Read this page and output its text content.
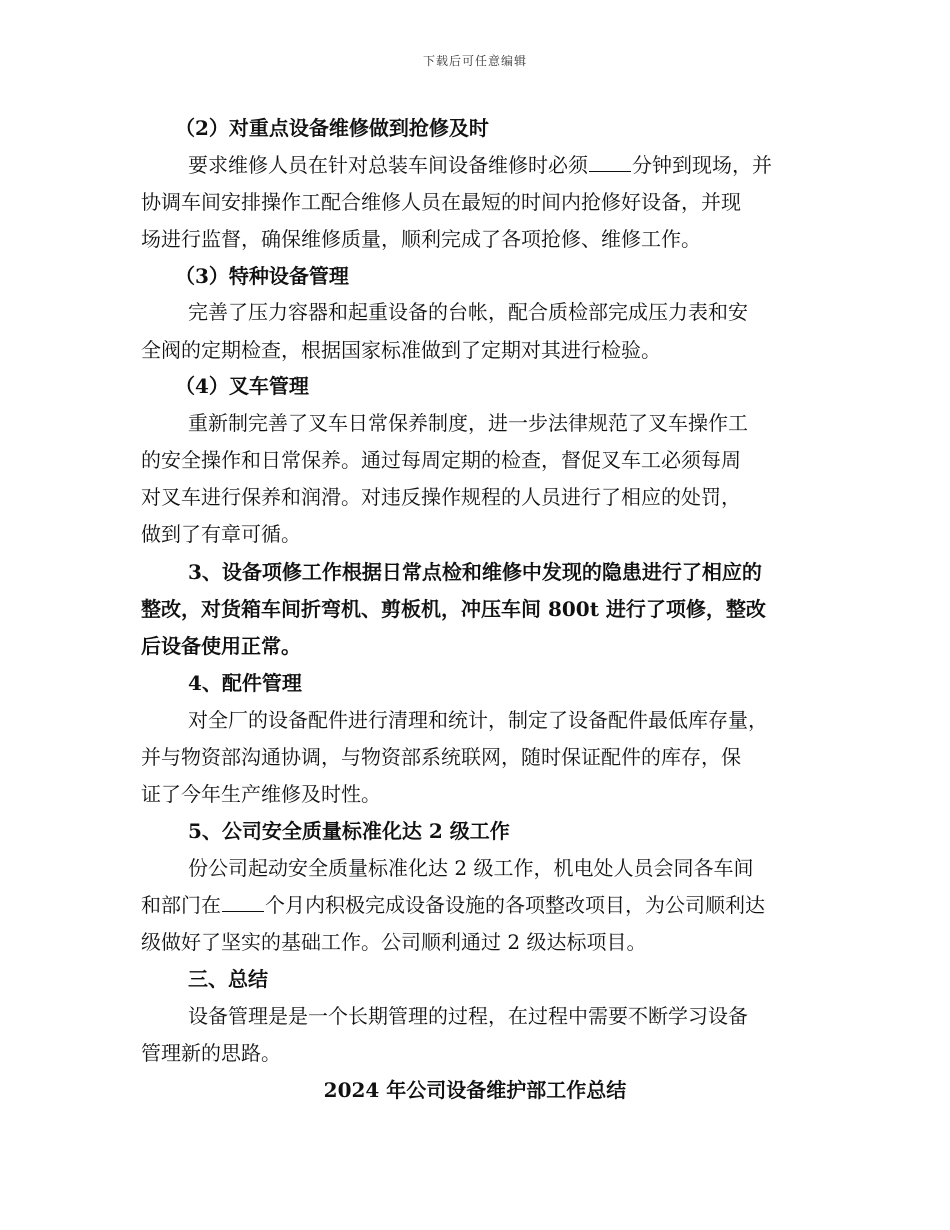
下载后可任意编辑
（2）对重点设备维修做到抢修及时
要求维修人员在针对总装车间设备维修时必须 分钟到现场，并
协调车间安排操作工配合维修人员在最短的时间内抢修好设备，并现
场进行监督，确保维修质量，顺利完成了各项抢修、维修工作。
（3）特种设备管理
完善了压力容器和起重设备的台帐，配合质检部完成压力表和安
全阀的定期检查，根据国家标准做到了定期对其进行检验。
（4）叉车管理
重新制完善了叉车日常保养制度，进一步法律规范了叉车操作工
的安全操作和日常保养。通过每周定期的检查，督促叉车工必须每周
对叉车进行保养和润滑。对违反操作规程的人员进行了相应的处罚，
做到了有章可循。
3、设备项修工作根据日常点检和维修中发现的隐患进行了相应的
整改，对货箱车间折弯机、剪板机，冲压车间 800t 进行了项修，整改
后设备使用正常。
4、配件管理
对全厂的设备配件进行清理和统计，制定了设备配件最低库存量，
并与物资部沟通协调，与物资部系统联网，随时保证配件的库存，保
证了今年生产维修及时性。
5、公司安全质量标准化达 2 级工作
份公司起动安全质量标准化达 2 级工作，机电处人员会同各车间
和部门在 个月内积极完成设备设施的各项整改项目，为公司顺利达
级做好了坚实的基础工作。公司顺利通过 2 级达标项目。
三、总结
设备管理是是一个长期管理的过程，在过程中需要不断学习设备
管理新的思路。
2024 年公司设备维护部工作总结
